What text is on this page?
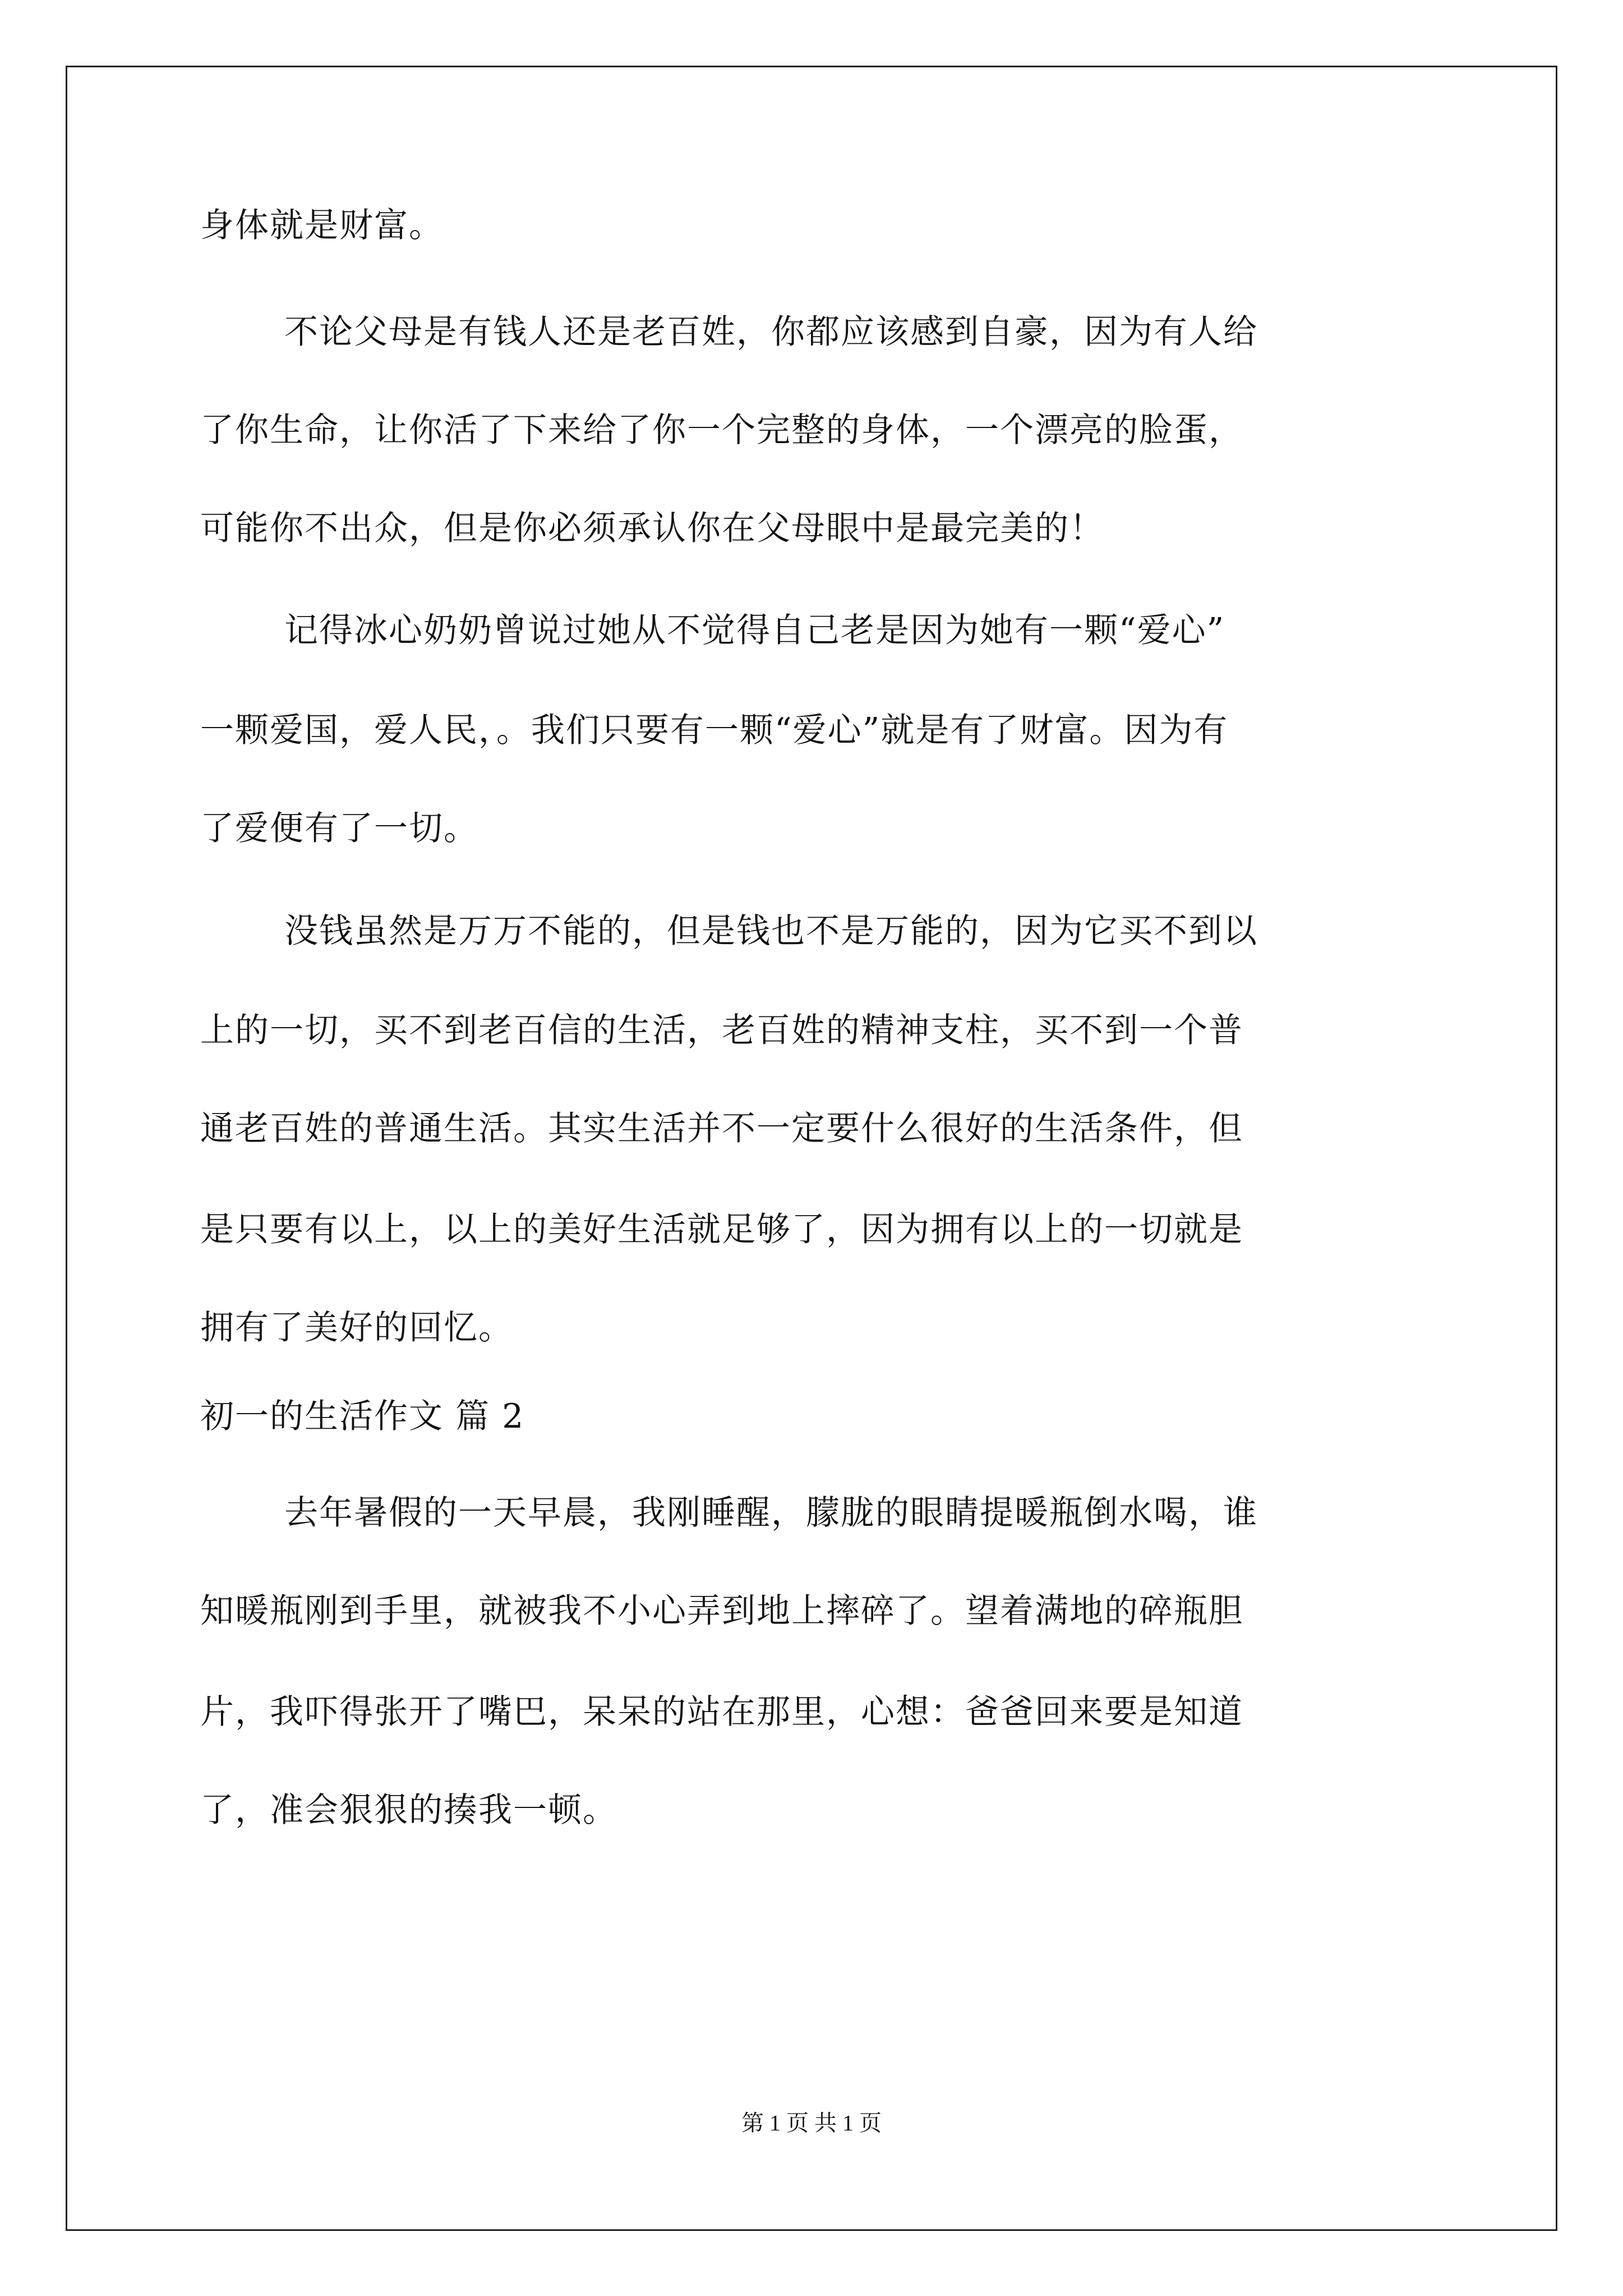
身体就是财富。
不论父母是有钱人还是老百姓，你都应该感到自豪，因为有人给
了你生命，让你活了下来给了你一个完整的身体，一个漂亮的脸蛋，
可能你不出众，但是你必须承认你在父母眼中是最完美的！
记得冰心奶奶曾说过她从不觉得自己老是因为她有一颗“爱心”
一颗爱国，爱人民，。我们只要有一颗“爱心”就是有了财富。因为有
了爱便有了一切。
没钱虽然是万万不能的，但是钱也不是万能的，因为它买不到以
上的一切，买不到老百信的生活，老百姓的精神支柱，买不到一个普
通老百姓的普通生活。其实生活并不一定要什么很好的生活条件，但
是只要有以上，以上的美好生活就足够了，因为拥有以上的一切就是
拥有了美好的回忆。
初一的生活作文 篇 2
去年暑假的一天早晨，我刚睡醒，朦胧的眼睛提暖瓶倒水喝，谁
知暖瓶刚到手里，就被我不小心弄到地上摔碎了。望着满地的碎瓶胆
片，我吓得张开了嘴巴，呆呆的站在那里，心想：爸爸回来要是知道
了，准会狠狠的揍我一顿。
第 1 页 共 1 页
